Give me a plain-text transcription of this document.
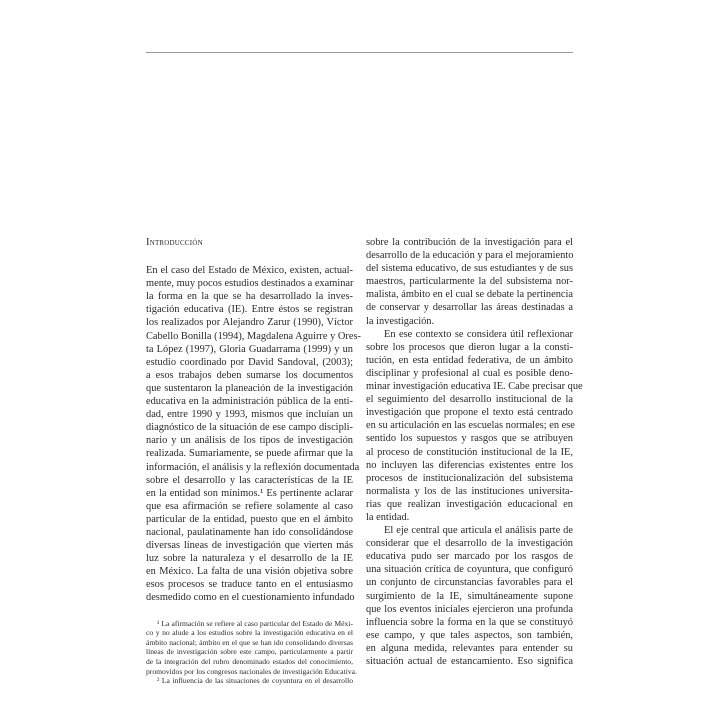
Introducción
En el caso del Estado de México, existen, actual-
mente, muy pocos estudios destinados a examinar
la forma en la que se ha desarrollado la inves-
tigación educativa (IE). Entre éstos se registran
los realizados por Alejandro Zarur (1990), Víctor
Cabello Bonilla (1994), Magdalena Aguirre y Ores-
ta López (1997), Gloria Guadarrama (1999) y un
estudio coordinado por David Sandoval, (2003);
a esos trabajos deben sumarse los documentos
que sustentaron la planeación de la investigación
educativa en la administración pública de la enti-
dad, entre 1990 y 1993, mismos que incluían un
diagnóstico de la situación de ese campo discipli-
nario y un análisis de los tipos de investigación
realizada. Sumariamente, se puede afirmar que la
información, el análisis y la reflexión documentada
sobre el desarrollo y las características de la IE
en la entidad son mínimos.¹ Es pertinente aclarar
que esa afirmación se refiere solamente al caso
particular de la entidad, puesto que en el ámbito
nacional, paulatinamente han ido consolidándose
diversas líneas de investigación que vierten más
luz sobre la naturaleza y el desarrollo de la IE
en México. La falta de una visión objetiva sobre
esos procesos se traduce tanto en el entusiasmo
desmedido como en el cuestionamiento infundado
¹ La afirmación se refiere al caso particular del Estado de Méxi-
co y no alude a los estudios sobre la investigación educativa en el
ámbito nacional; ámbito en el que se han ido consolidando diversas
líneas de investigación sobre este campo, particularmente a partir
de la integración del rubro denominado estados del conocimiento,
promovidos por los congresos nacionales de investigación Educativa.
² La influencia de las situaciones de coyuntura en el desarrollo
sobre la contribución de la investigación para el
desarrollo de la educación y para el mejoramiento
del sistema educativo, de sus estudiantes y de sus
maestros, particularmente la del subsistema nor-
malista, ámbito en el cual se debate la pertinencia
de conservar y desarrollar las áreas destinadas a
la investigación.
En ese contexto se considera útil reflexionar
sobre los procesos que dieron lugar a la consti-
tución, en esta entidad federativa, de un ámbito
disciplinar y profesional al cual es posible deno-
minar investigación educativa IE. Cabe precisar que
el seguimiento del desarrollo institucional de la
investigación que propone el texto está centrado
en su articulación en las escuelas normales; en ese
sentido los supuestos y rasgos que se atribuyen
al proceso de constitución institucional de la IE,
no incluyen las diferencias existentes entre los
procesos de institucionalización del subsistema
normalista y los de las instituciones universita-
rias que realizan investigación educacional en
la entidad.
El eje central que articula el análisis parte de
considerar que el desarrollo de la investigación
educativa pudo ser marcado por los rasgos de
una situación crítica de coyuntura, que configuró
un conjunto de circunstancias favorables para el
surgimiento de la IE, simultáneamente supone
que los eventos iniciales ejercieron una profunda
influencia sobre la forma en la que se constituyó
ese campo, y que tales aspectos, son también,
en alguna medida, relevantes para entender su
situación actual de estancamiento. Eso significa
